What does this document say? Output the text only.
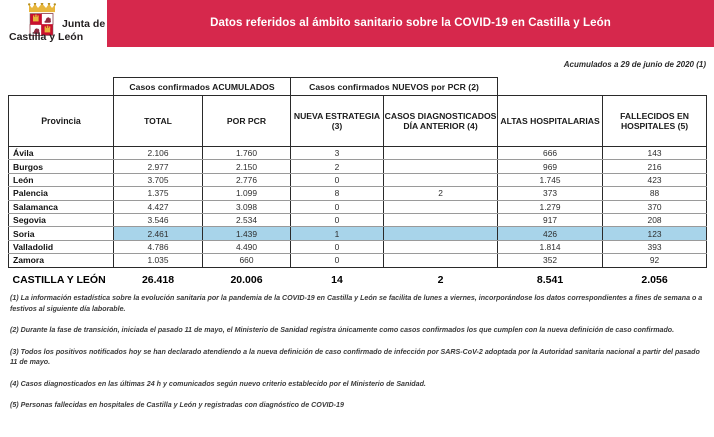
Datos referidos al ámbito sanitario sobre la COVID-19 en Castilla y León
Junta de
Castilla y León
Acumulados a 29 de junio de 2020 (1)
	Casos confirmados ACUMULADOS		Casos confirmados NUEVOS por PCR (2)			
Provincia	TOTAL	POR PCR	NUEVA ESTRATEGIA (3)	CASOS DIAGNOSTICADOS DÍA ANTERIOR (4)	ALTAS HOSPITALARIAS	FALLECIDOS EN HOSPITALES (5)
Ávila	2.106	1.760	3		666	143
Burgos	2.977	2.150	2		969	216
León	3.705	2.776	0		1.745	423
Palencia	1.375	1.099	8	2	373	88
Salamanca	4.427	3.098	0		1.279	370
Segovia	3.546	2.534	0		917	208
Soria	2.461	1.439	1		426	123
Valladolid	4.786	4.490	0		1.814	393
Zamora	1.035	660	0		352	92
CASTILLA Y LEÓN	26.418	20.006	14	2	8.541	2.056

(1) La información estadística sobre la evolución sanitaria por la pandemia de la COVID-19 en Castilla y León se facilita de lunes a viernes, incorporándose los datos correspondientes a fines de semana o a festivos al siguiente día laborable.

(2) Durante la fase de transición, iniciada el pasado 11 de mayo, el Ministerio de Sanidad registra únicamente como casos confirmados los que cumplen con la nueva definición de caso confirmado.

(3) Todos los positivos notificados hoy se han declarado atendiendo a la nueva definición de caso confirmado de infección por SARS-CoV-2 adoptada por la Autoridad sanitaria nacional a partir del pasado 11 de mayo.

(4) Casos diagnosticados en las últimas 24 h y comunicados según nuevo criterio establecido por el Ministerio de Sanidad.

(5) Personas fallecidas en hospitales de Castilla y León y registradas con diagnóstico de COVID-19
